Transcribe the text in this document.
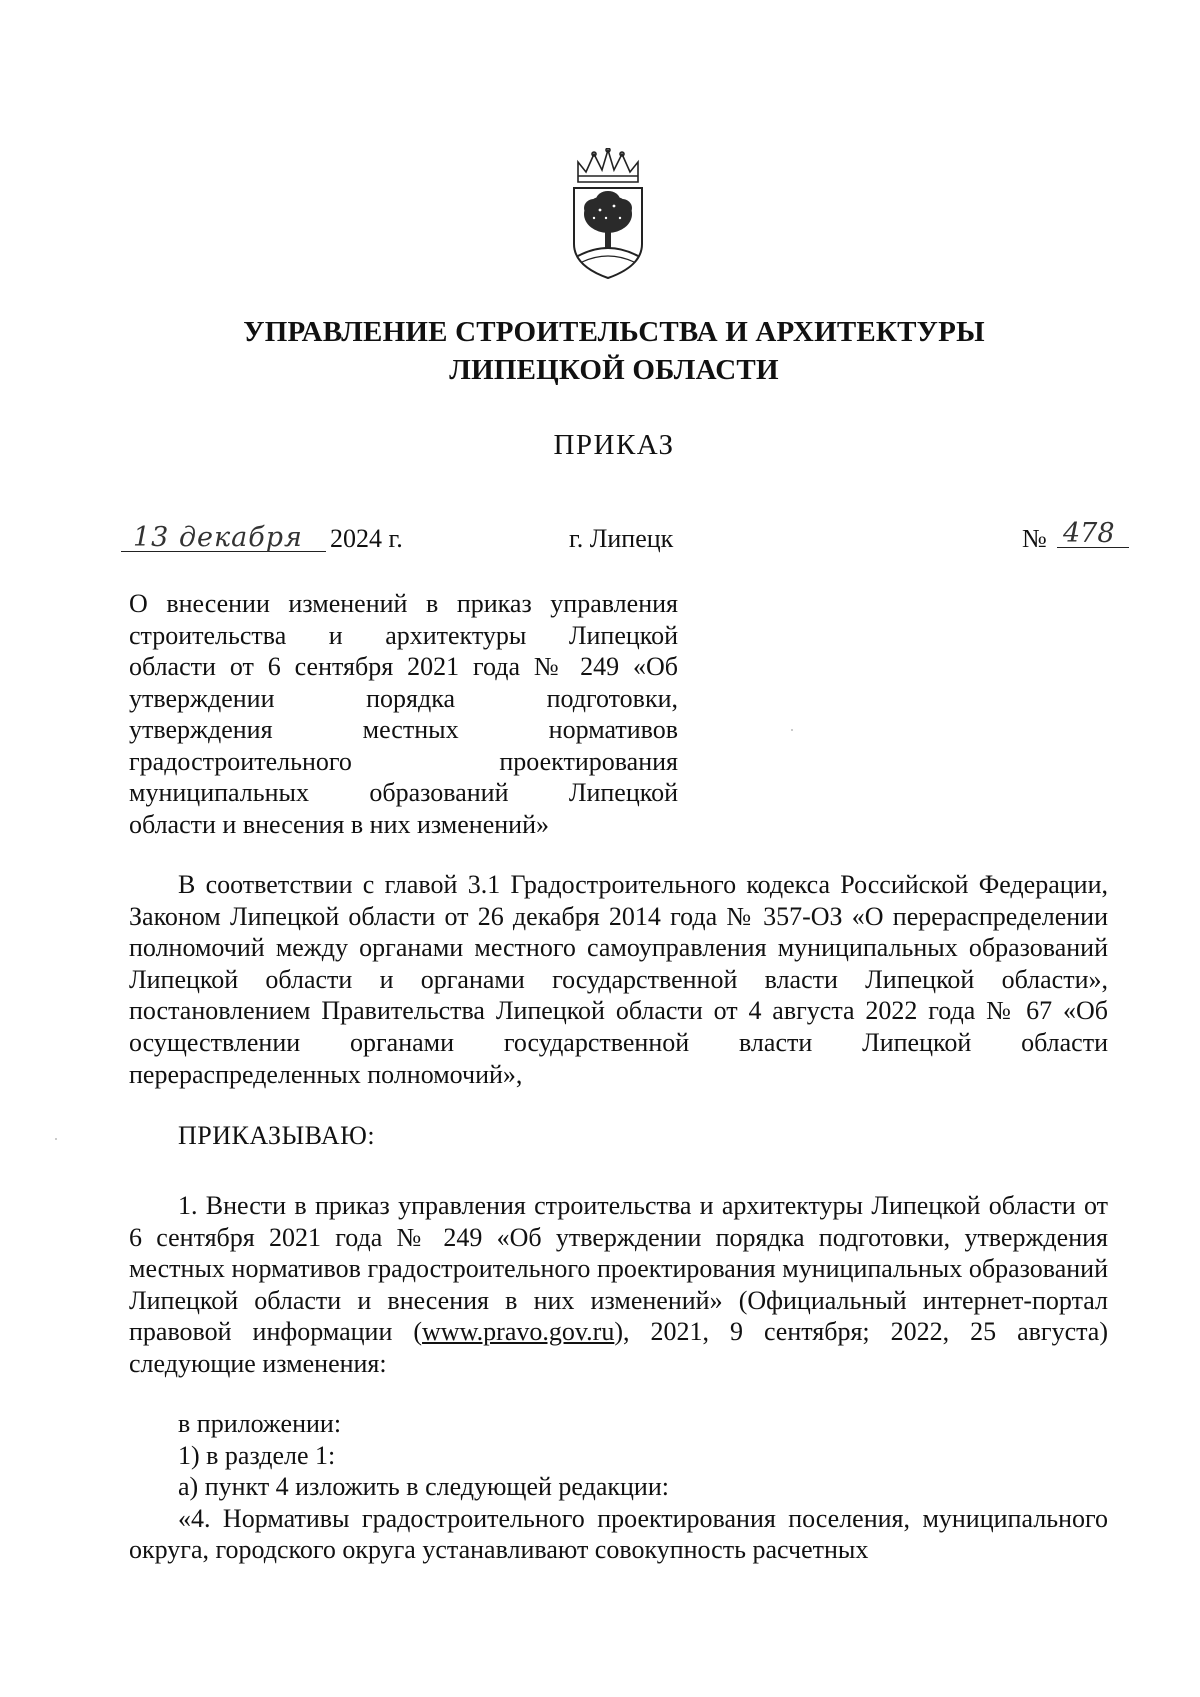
УПРАВЛЕНИЕ СТРОИТЕЛЬСТВА И АРХИТЕКТУРЫ
ЛИПЕЦКОЙ ОБЛАСТИ
ПРИКАЗ
13 декабря	2024 г.	г. Липецк	№ 478
О внесении изменений в приказ управления
строительства и архитектуры Липецкой
области от 6 сентября 2021 года № 249 «Об
утверждении порядка подготовки,
утверждения местных нормативов
градостроительного проектирования
муниципальных образований Липецкой
области и внесения в них изменений»
В соответствии с главой 3.1 Градостроительного кодекса Российской Федерации, Законом Липецкой области от 26 декабря 2014 года № 357-ОЗ «О перераспределении полномочий между органами местного самоуправления муниципальных образований Липецкой области и органами государственной власти Липецкой области», постановлением Правительства Липецкой области от 4 августа 2022 года № 67 «Об осуществлении органами государственной власти Липецкой области перераспределенных полномочий»,
ПРИКАЗЫВАЮ:
1. Внести в приказ управления строительства и архитектуры Липецкой области от 6 сентября 2021 года № 249 «Об утверждении порядка подготовки, утверждения местных нормативов градостроительного проектирования муниципальных образований Липецкой области и внесения в них изменений» (Официальный интернет-портал правовой информации (www.pravo.gov.ru), 2021, 9 сентября; 2022, 25 августа) следующие изменения:
в приложении:
1) в разделе 1:
а) пункт 4 изложить в следующей редакции:
«4. Нормативы градостроительного проектирования поселения, муниципального округа, городского округа устанавливают совокупность расчетных
